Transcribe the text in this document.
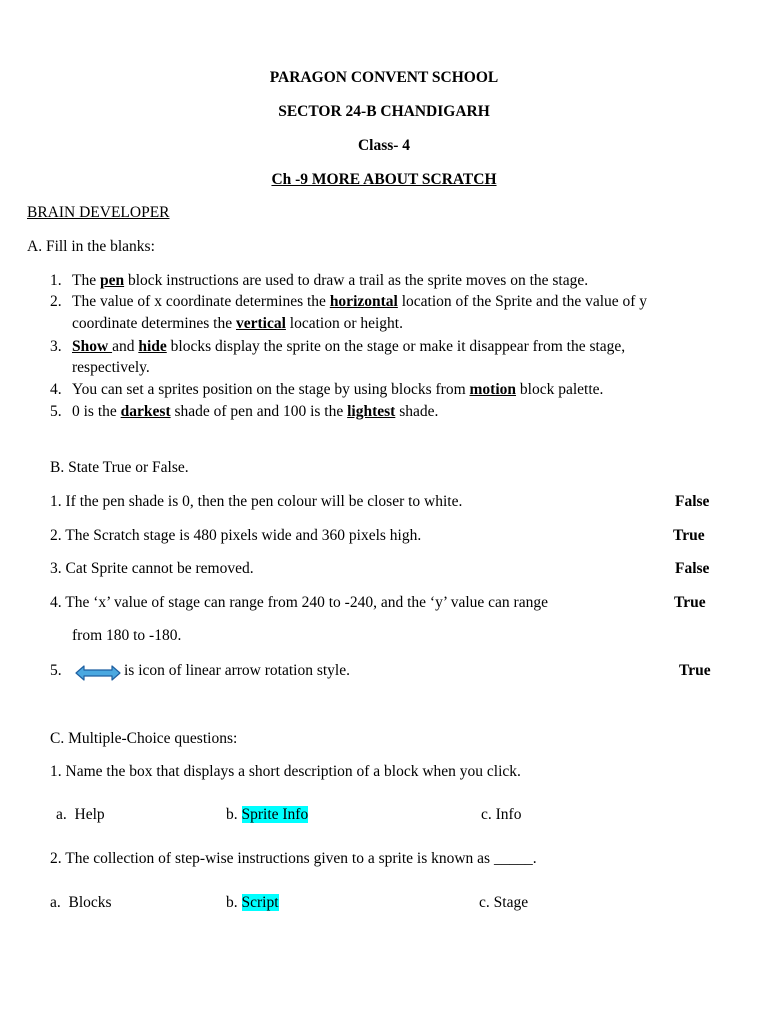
PARAGON CONVENT SCHOOL
SECTOR 24-B CHANDIGARH
Class- 4
Ch -9 MORE ABOUT SCRATCH
BRAIN DEVELOPER
A. Fill in the blanks:
1. The pen block instructions are used to draw a trail as the sprite moves on the stage.
2. The value of x coordinate determines the horizontal location of the Sprite and the value of y
coordinate determines the vertical location or height.
3. Show and hide blocks display the sprite on the stage or make it disappear from the stage,
respectively.
4. You can set a sprites position on the stage by using blocks from motion block palette.
5. 0 is the darkest shade of pen and 100 is the lightest shade.
B. State True or False.
1. If the pen shade is 0, then the pen colour will be closer to white.	False
2. The Scratch stage is 480 pixels wide and 360 pixels high.	True
3. Cat Sprite cannot be removed.	False
4. The ‘x’ value of stage can range from 240 to -240, and the ‘y’ value can range	True
from 180 to -180.
5.	is icon of linear arrow rotation style.	True
C. Multiple-Choice questions:
1. Name the box that displays a short description of a block when you click.
a. Help	b. Sprite Info	c. Info
2. The collection of step-wise instructions given to a sprite is known as _____.
a. Blocks	b. Script	c. Stage
